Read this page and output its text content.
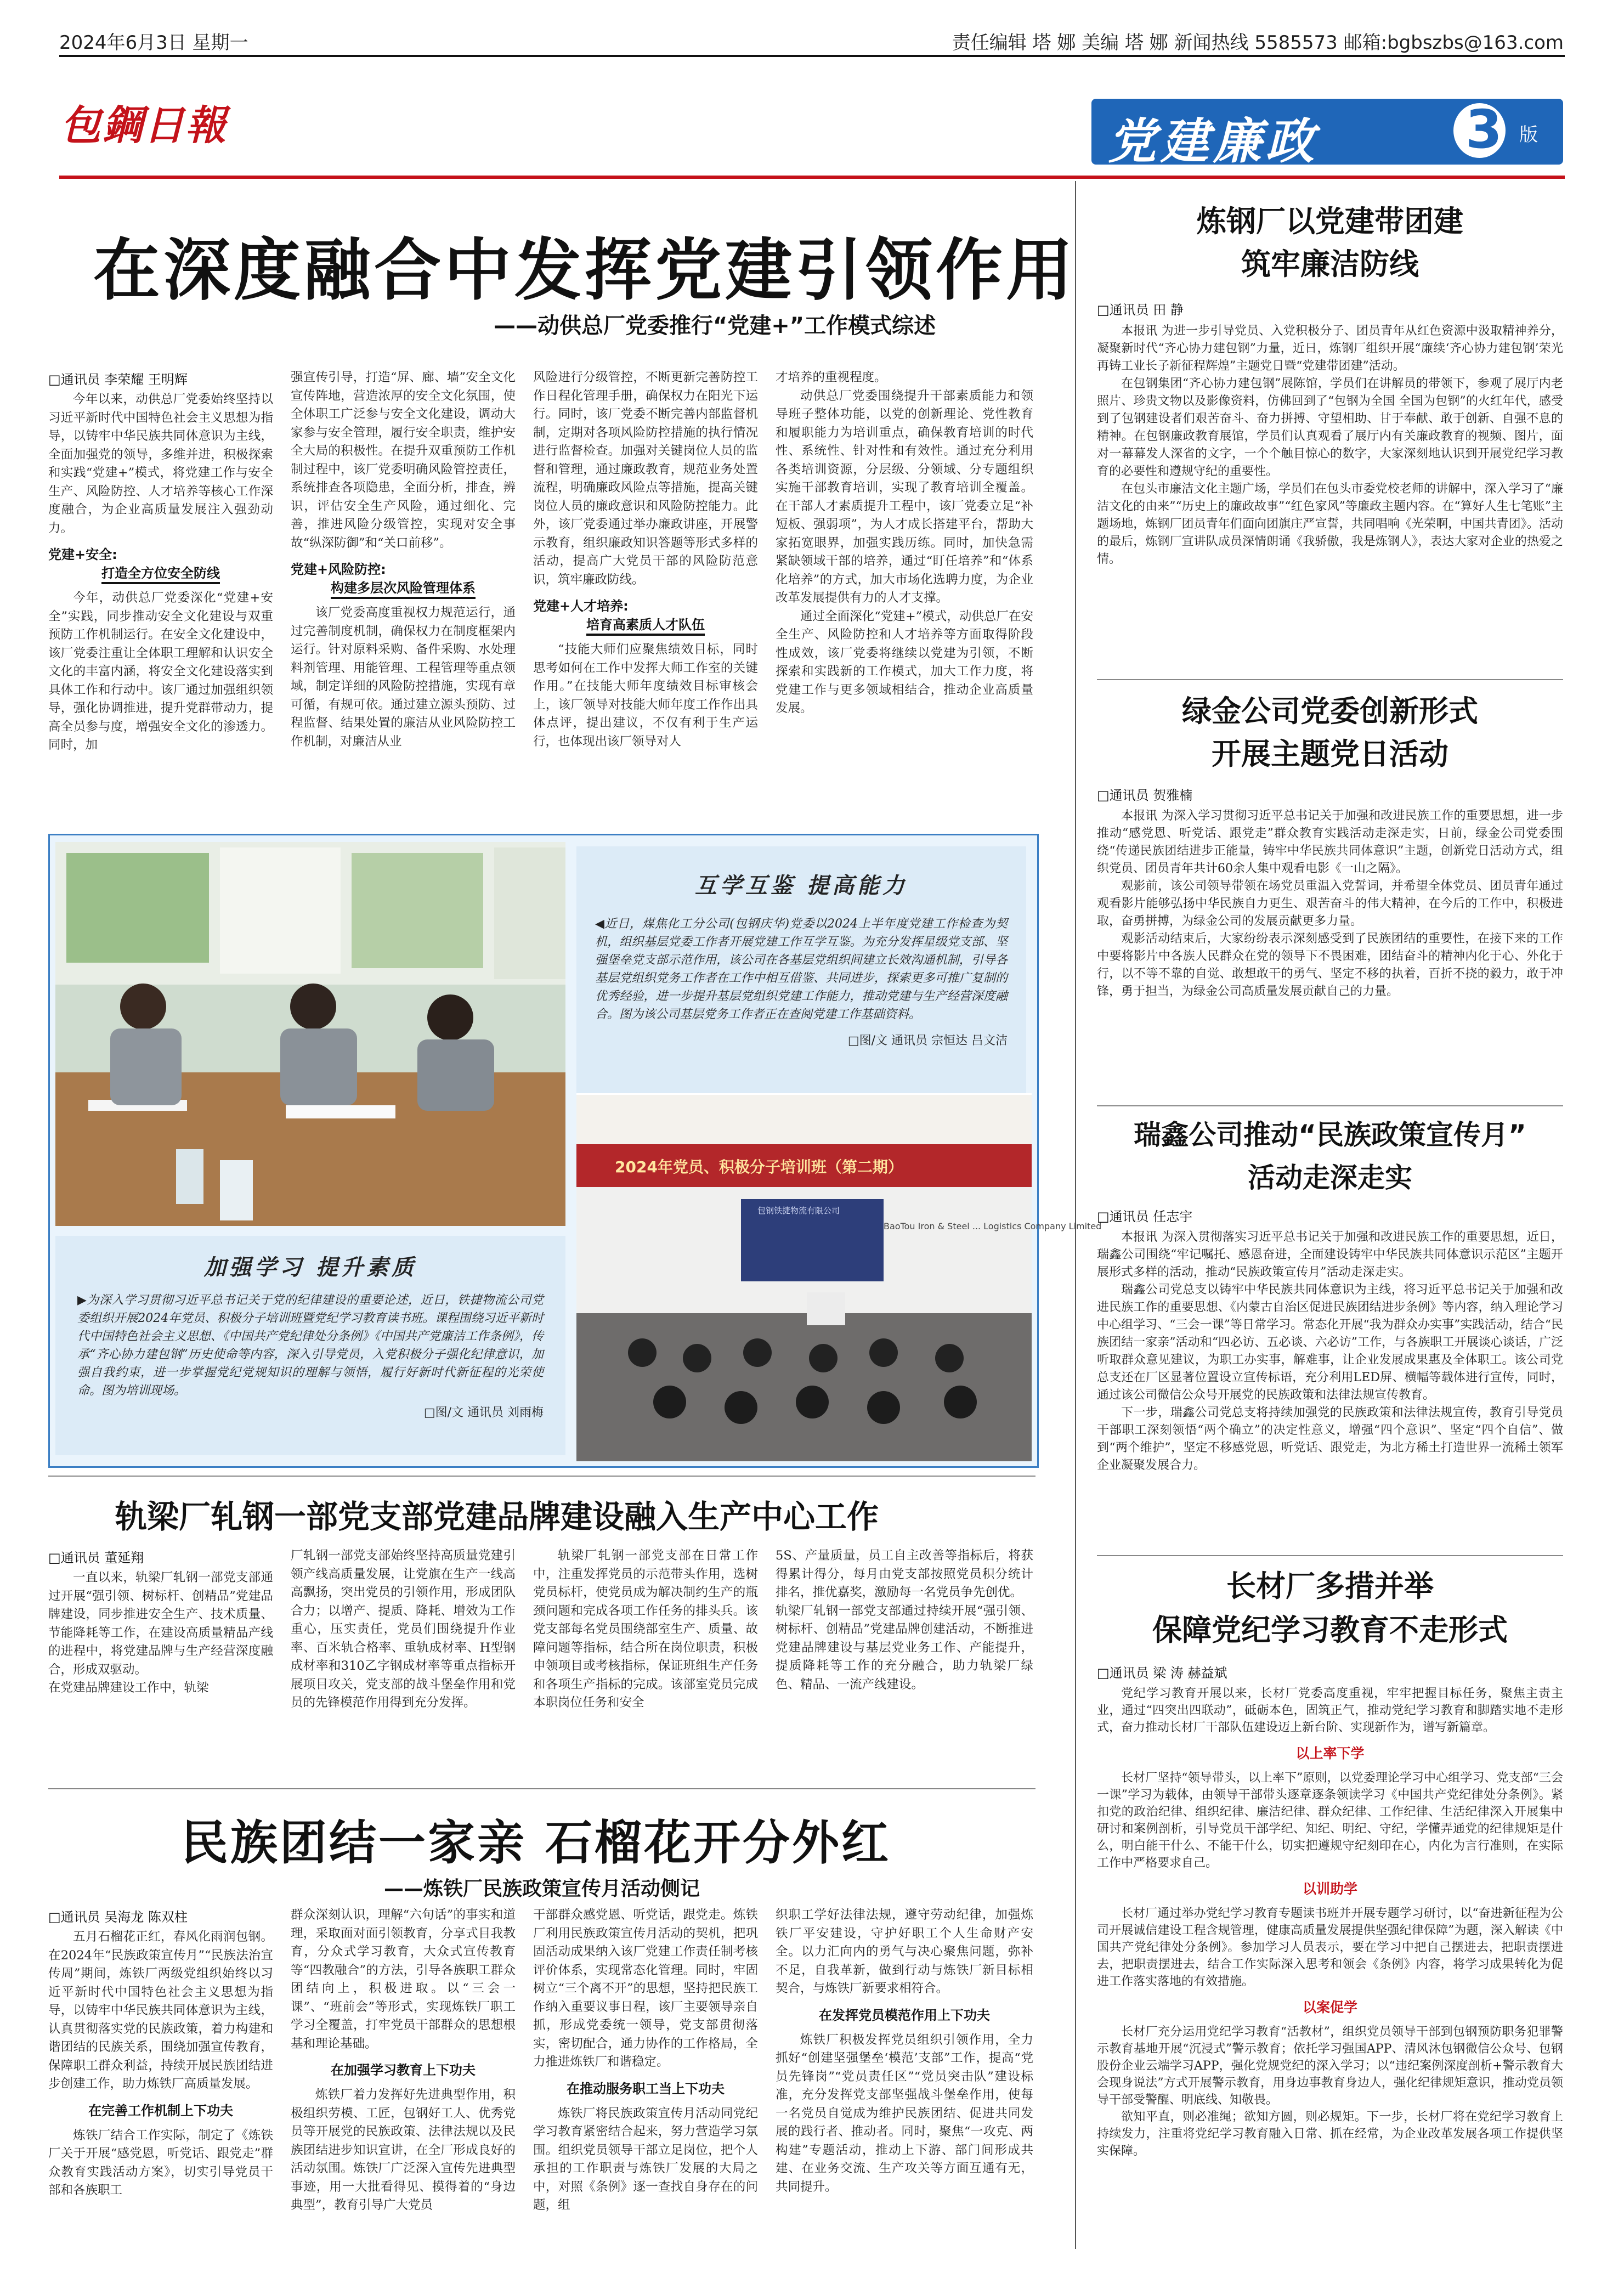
2024年6月3日 星期一	责任编辑 塔 娜 美编 塔 娜 新闻热线 5585573 邮箱:bgbszbs@163.com
包鋼日報	党建廉政	3 版
在深度融合中发挥党建引领作用
——动供总厂党委推行“党建+”工作模式综述
□通讯员 李荣耀 王明辉

今年以来，动供总厂党委始终坚持以习近平新时代中国特色社会主义思想为指导，以铸牢中华民族共同体意识为主线，全面加强党的领导，多维并进，积极探索和实践“党建+”模式，将党建工作与安全生产、风险防控、人才培养等核心工作深度融合，为企业高质量发展注入强劲动力。

党建+安全:
打造全方位安全防线

今年，动供总厂党委深化“党建+安全”实践，同步推动安全文化建设与双重预防工作机制运行。在安全文化建设中，该厂党委注重让全体职工理解和认识安全文化的丰富内涵，将安全文化建设落实到具体工作和行动中。该厂通过加强组织领导，强化协调推进，提升党群带动力，提高全员参与度，增强安全文化的渗透力。同时，加

强宣传引导，打造“屏、廊、墙”安全文化宣传阵地，营造浓厚的安全文化氛围，使全体职工广泛参与安全文化建设，调动大家参与安全管理，履行安全职责，维护安全大局的积极性。在提升双重预防工作机制过程中，该厂党委明确风险管控责任，系统排查各项隐患，全面分析，排查，辨识，评估安全生产风险，通过细化、完善，推进风险分级管控，实现对安全事故“纵深防御”和“关口前移”。

党建+风险防控:
构建多层次风险管理体系

该厂党委高度重视权力规范运行，通过完善制度机制，确保权力在制度框架内运行。针对原料采购、备件采购、水处理料剂管理、用能管理、工程管理等重点领域，制定详细的风险防控措施，实现有章可循，有规可依。通过建立源头预防、过程监督、结果处置的廉洁从业风险防控工作机制，对廉洁从业

风险进行分级管控，不断更新完善防控工作日程化管理手册，确保权力在阳光下运行。同时，该厂党委不断完善内部监督机制，定期对各项风险防控措施的执行情况进行监督检查。加强对关键岗位人员的监督和管理，通过廉政教育，规范业务处置流程，明确廉政风险点等措施，提高关键岗位人员的廉政意识和风险防控能力。此外，该厂党委通过举办廉政讲座，开展警示教育，组织廉政知识答题等形式多样的活动，提高广大党员干部的风险防范意识，筑牢廉政防线。

党建+人才培养:
培育高素质人才队伍

“技能大师们应聚焦绩效目标，同时思考如何在工作中发挥大师工作室的关键作用。”在技能大师年度绩效目标审核会上，该厂领导对技能大师年度工作作出具体点评，提出建议，不仅有利于生产运行，也体现出该厂领导对人

才培养的重视程度。

动供总厂党委围绕提升干部素质能力和领导班子整体功能，以党的创新理论、党性教育和履职能力为培训重点，确保教育培训的时代性、系统性、针对性和有效性。通过充分利用各类培训资源，分层级、分领域、分专题组织实施干部教育培训，实现了教育培训全覆盖。在干部人才素质提升工程中，该厂党委立足“补短板、强弱项”，为人才成长搭建平台，帮助大家拓宽眼界，加强实践历练。同时，加快急需紧缺领域干部的培养，通过“盯任培养”和“体系化培养”的方式，加大市场化选聘力度，为企业改革发展提供有力的人才支撑。

通过全面深化“党建+”模式，动供总厂在安全生产、风险防控和人才培养等方面取得阶段性成效，该厂党委将继续以党建为引领，不断探索和实践新的工作模式，加大工作力度，将党建工作与更多领域相结合，推动企业高质量发展。

互学互鉴 提高能力
◀近日，煤焦化工分公司(包钢庆华)党委以2024上半年度党建工作检查为契机，组织基层党委工作者开展党建工作互学互鉴。为充分发挥星级党支部、坚强堡垒党支部示范作用，该公司在各基层党组织间建立长效沟通机制，引导各基层党组织党务工作者在工作中相互借鉴、共同进步，探索更多可推广复制的优秀经验，进一步提升基层党组织党建工作能力，推动党建与生产经营深度融合。图为该公司基层党务工作者正在查阅党建工作基础资料。
□图/文 通讯员 宗恒达 吕文洁
加强学习 提升素质
▶为深入学习贯彻习近平总书记关于党的纪律建设的重要论述，近日，铁捷物流公司党委组织开展2024年党员、积极分子培训班暨党纪学习教育读书班。课程围绕习近平新时代中国特色社会主义思想、《中国共产党纪律处分条例》《中国共产党廉洁工作条例》，传承“齐心协力建包钢”历史使命等内容，深入引导党员，入党积极分子强化纪律意识，加强自我约束，进一步掌握党纪党规知识的理解与领悟，履行好新时代新征程的光荣使命。图为培训现场。
□图/文 通讯员 刘雨梅
2024年党员、积极分子培训班（第二期）
包钢铁捷物流有限公司
BaoTou Iron & Steel ... Logistics Company Limited
轨梁厂轧钢一部党支部党建品牌建设融入生产中心工作
□通讯员 董延翔
一直以来，轨梁厂轧钢一部党支部通过开展“强引领、树标杆、创精品”党建品牌建设，同步推进安全生产、技术质量、节能降耗等工作，在建设高质量精品产线的进程中，将党建品牌与生产经营深度融合，形成双驱动。
在党建品牌建设工作中，轨梁
厂轧钢一部党支部始终坚持高质量党建引领产线高质量发展，让党旗在生产一线高高飘扬，突出党员的引领作用，形成团队合力；以增产、提质、降耗、增效为工作重心，压实责任，党员们围绕提升作业率、百米轨合格率、重轨成材率、H型钢成材率和310乙字钢成材率等重点指标开展项目攻关，党支部的战斗堡垒作用和党员的先锋模范作用得到充分发挥。
轨梁厂轧钢一部党支部在日常工作中，注重发挥党员的示范带头作用，选树党员标杆，使党员成为解决制约生产的瓶颈问题和完成各项工作任务的排头兵。该党支部每名党员围绕部室生产、质量、故障问题等指标，结合所在岗位职责，积极申领项目或考核指标，保证班组生产任务和各项生产指标的完成。该部室党员完成本职岗位任务和安全
5S、产量质量，员工自主改善等指标后，将获得累计得分，每月由党支部按照党员积分统计排名，推优嘉奖，激励每一名党员争先创优。
轨梁厂轧钢一部党支部通过持续开展“强引领、树标杆、创精品”党建品牌创建活动，不断推进党建品牌建设与基层党业务工作、产能提升，提质降耗等工作的充分融合，助力轨梁厂绿色、精品、一流产线建设。
民族团结一家亲 石榴花开分外红
——炼铁厂民族政策宣传月活动侧记
□通讯员 吴海龙 陈双柱

五月石榴花正红，春风化雨润包钢。在2024年“民族政策宣传月”“民族法治宣传周”期间，炼铁厂两级党组织始终以习近平新时代中国特色社会主义思想为指导，以铸牢中华民族共同体意识为主线，认真贯彻落实党的民族政策，着力构建和谐团结的民族关系，围绕加强宣传教育，保障职工群众利益，持续开展民族团结进步创建工作，助力炼铁厂高质量发展。

在完善工作机制上下功夫

炼铁厂结合工作实际，制定了《炼铁厂关于开展“感党恩，听党话、跟党走”群众教育实践活动方案》，切实引导党员干部和各族职工

群众深刻认识，理解“六句话”的事实和道理，采取面对面引领教育，分享式目我教育，分众式学习教育，大众式宣传教育等“四教融合”的方法，引导各族职工群众团结向上，积极进取。以“三会一课”、“班前会”等形式，实现炼铁厂职工学习全覆盖，打牢党员干部群众的思想根基和理论基础。

在加强学习教育上下功夫

炼铁厂着力发挥好先进典型作用，积极组织劳模、工匠，包钢好工人、优秀党员等开展党的民族政策、法律法规以及民族团结进步知识宣讲，在全厂形成良好的活动氛围。炼铁厂广泛深入宣传先进典型事迹，用一大批看得见、摸得着的“身边典型”，教育引导广大党员

干部群众感党恩、听党话，跟党走。炼铁厂利用民族政策宣传月活动的契机，把巩固活动成果纳入该厂党建工作责任制考核评价体系，实现常态化管理。同时，牢固树立“三个离不开”的思想，坚持把民族工作纳入重要议事日程，该厂主要领导亲自抓，形成党委统一领导，党支部贯彻落实，密切配合，通力协作的工作格局，全力推进炼铁厂和谐稳定。

在推动服务职工当上下功夫

炼铁厂将民族政策宣传月活动同党纪学习教育紧密结合起来，努力营造学习氛围。组织党员领导干部立足岗位，把个人承担的工作职责与炼铁厂发展的大局之中，对照《条例》逐一查找自身存在的问题，组

织职工学好法律法规，遵守劳动纪律，加强炼铁厂平安建设，守护好职工个人生命财产安全。以力汇向内的勇气与决心聚焦问题，弥补不足，自我革新，做到行动与炼铁厂新目标相契合，与炼铁厂新要求相符合。

在发挥党员模范作用上下功夫

炼铁厂积极发挥党员组织引领作用，全力抓好“创建坚强堡垒‘模范’支部”工作，提高“党员先锋岗”“党员责任区”“党员突击队”建设标准，充分发挥党支部坚强战斗堡垒作用，使每一名党员自觉成为维护民族团结、促进共同发展的践行者、推动者。同时，聚焦“一攻克、两构建”专题活动，推动上下游、部门间形成共建、在业务交流、生产攻关等方面互通有无，共同提升。

炼钢厂以党建带团建
筑牢廉洁防线
□通讯员 田 静

本报讯 为进一步引导党员、入党积极分子、团员青年从红色资源中汲取精神养分，凝聚新时代“齐心协力建包钢”力量，近日，炼钢厂组织开展“廉续‘齐心协力建包钢’荣光 再铸工业长子新征程辉煌”主题党日暨“党建带团建”活动。

在包钢集团“齐心协力建包钢”展陈馆，学员们在讲解员的带领下，参观了展厅内老照片、珍贵文物以及影像资料，仿佛回到了“包钢为全国 全国为包钢”的火红年代，感受到了包钢建设者们艰苦奋斗、奋力拼搏、守望相助、甘于奉献、敢于创新、自强不息的精神。在包钢廉政教育展馆，学员们认真观看了展厅内有关廉政教育的视频、图片，面对一幕幕发人深省的文字，一个个触目惊心的数字，大家深刻地认识到开展党纪学习教育的必要性和遵规守纪的重要性。

在包头市廉洁文化主题广场，学员们在包头市委党校老师的讲解中，深入学习了“廉洁文化的由来”“历史上的廉政故事”“红色家风”等廉政主题内容。在“算好人生七笔账”主题场地，炼钢厂团员青年们面向团旗庄严宣誓，共同唱响《光荣啊，中国共青团》。活动的最后，炼钢厂宣讲队成员深情朗诵《我骄傲，我是炼钢人》，表达大家对企业的热爱之情。

绿金公司党委创新形式
开展主题党日活动
□通讯员 贺雅楠

本报讯 为深入学习贯彻习近平总书记关于加强和改进民族工作的重要思想，进一步推动“感党恩、听党话、跟党走”群众教育实践活动走深走实，日前，绿金公司党委围绕“传递民族团结进步正能量，铸牢中华民族共同体意识”主题，创新党日活动方式，组织党员、团员青年共计60余人集中观看电影《一山之隔》。

观影前，该公司领导带领在场党员重温入党誓词，并希望全体党员、团员青年通过观看影片能够弘扬中华民族自力更生、艰苦奋斗的伟大精神，在今后的工作中，积极进取，奋勇拼搏，为绿金公司的发展贡献更多力量。

观影活动结束后，大家纷纷表示深刻感受到了民族团结的重要性，在接下来的工作中要将影片中各族人民群众在党的领导下不畏困难，团结奋斗的精神内化于心、外化于行，以不等不靠的自觉、敢想敢干的勇气、坚定不移的执着，百折不挠的毅力，敢于冲锋，勇于担当，为绿金公司高质量发展贡献自己的力量。

瑞鑫公司推动“民族政策宣传月”
活动走深走实
□通讯员 任志宇

本报讯 为深入贯彻落实习近平总书记关于加强和改进民族工作的重要思想，近日，瑞鑫公司围绕“牢记嘱托、感恩奋进，全面建设铸牢中华民族共同体意识示范区”主题开展形式多样的活动，推动“民族政策宣传月”活动走深走实。

瑞鑫公司党总支以铸牢中华民族共同体意识为主线，将习近平总书记关于加强和改进民族工作的重要思想、《内蒙古自治区促进民族团结进步条例》等内容，纳入理论学习中心组学习、“三会一课”等日常学习。常态化开展“我为群众办实事”实践活动，结合“民族团结一家亲”活动和“四必访、五必谈、六必访”工作，与各族职工开展谈心谈话，广泛听取群众意见建议，为职工办实事，解难事，让企业发展成果惠及全体职工。该公司党总支还在厂区显著位置设立宣传标语，充分利用LED屏、横幅等载体进行宣传，同时，通过该公司微信公众号开展党的民族政策和法律法规宣传教育。

下一步，瑞鑫公司党总支将持续加强党的民族政策和法律法规宣传，教育引导党员干部职工深刻领悟“两个确立”的决定性意义，增强“四个意识”、坚定“四个自信”、做到“两个维护”，坚定不移感党恩，听党话、跟党走，为北方稀土打造世界一流稀土领军企业凝聚发展合力。

长材厂多措并举
保障党纪学习教育不走形式
□通讯员 梁 涛 赫益斌

党纪学习教育开展以来，长材厂党委高度重视，牢牢把握目标任务，聚焦主责主业，通过“四突出四联动”，砥砺本色，固筑正气，推动党纪学习教育和脚踏实地不走形式，奋力推动长材厂干部队伍建设迈上新台阶、实现新作为，谱写新篇章。

以上率下学

长材厂坚持“领导带头，以上率下”原则，以党委理论学习中心组学习、党支部“三会一课”学习为载体，由领导干部带头逐章逐条领读学习《中国共产党纪律处分条例》。紧扣党的政治纪律、组织纪律、廉洁纪律、群众纪律、工作纪律、生活纪律深入开展集中研讨和案例剖析，引导党员干部学纪、知纪、明纪、守纪，学懂弄通党的纪律规矩是什么，明白能干什么、不能干什么，切实把遵规守纪刻印在心，内化为言行准则，在实际工作中严格要求自己。

以训助学

长材厂通过举办党纪学习教育专题读书班并开展专题学习研讨，以“奋进新征程为公司开展诚信建设工程含规管理，健康高质量发展提供坚强纪律保障”为题，深入解读《中国共产党纪律处分条例》。参加学习人员表示，要在学习中把自己摆进去，把职责摆进去，把职责摆进去，结合工作实际深入思考和领会《条例》内容，将学习成果转化为促进工作落实落地的有效措施。

以案促学

长材厂充分运用党纪学习教育“活教材”，组织党员领导干部到包钢预防职务犯罪警示教育基地开展“沉浸式”警示教育；依托学习强国APP、清风沐包钢微信公众号、包钢股份企业云端学习APP，强化党规党纪的深入学习；以“违纪案例深度剖析+警示教育大会现身说法”方式开展警示教育，用身边事教育身边人，强化纪律规矩意识，推动党员领导干部受警醒、明底线、知敬畏。

欲知平直，则必准绳；欲知方圆，则必规矩。下一步，长材厂将在党纪学习教育上持续发力，注重将党纪学习教育融入日常、抓在经常，为企业改革发展各项工作提供坚实保障。
